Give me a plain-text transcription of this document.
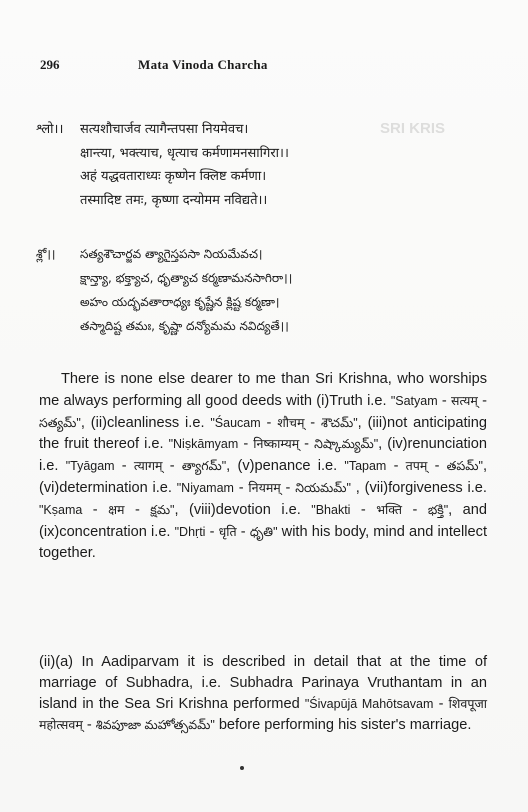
SRI KRIS
296	Mata Vinoda Charcha
श्लो।।	सत्यशौचार्जव त्यागैन्तपसा नियमेवच।
क्षान्त्या, भक्त्याच, धृत्याच कर्मणामनसागिरा।।
अहं यद्धवताराध्यः कृष्णेन क्लिष्ट कर्मणा।
तस्मादिष्ट तमः, कृष्णा दन्योमम नविद्यते।।
శ్లో।।	సత్యశౌచార్జవ త్యాగైస్తపసా నియమేవచ।
క్షాన్త్యా, భక్త్యాచ, ధృత్యాచ కర్మణామనసాగిరా।।
అహం యద్భవతారాధ్యః కృష్ణేన క్లిష్ట కర్మణా।
తస్మాదిష్ట తమః, కృష్ణా దన్యోమమ నవిద్యతే।।

There is none else dearer to me than Sri Krishna, who worships me always performing all good deeds with (i)Truth i.e. "Satyam - सत्यम् - సత్యమ్", (ii)cleanliness i.e. "Śaucam - शौचम् - శౌచమ్", (iii)not anticipating the fruit thereof i.e. "Niṣkāmyam - निष्काम्यम् - నిష్కామ్యమ్", (iv)renunciation i.e. "Tyāgam - त्यागम् - త్యాగమ్", (v)penance i.e. "Tapam - तपम् - తపమ్", (vi)determination i.e. "Niyamam - नियमम् - నియమమ్" , (vii)forgiveness i.e. "Kṣama - क्षम - క్షమ", (viii)devotion i.e. "Bhakti - भक्ति - భక్తి", and (ix)concentration i.e. "Dhṛti - धृति - ధృతి" with his body, mind and intellect together.

(ii)(a) In Aadiparvam it is described in detail that at the time of marriage of Subhadra, i.e. Subhadra Parinaya Vruthantam in an island in the Sea Sri Krishna performed "Śivapūjā Mahōtsavam - शिवपूजा महोत्सवम् - శివపూజా మహోత్సవమ్" before performing his sister's marriage.
